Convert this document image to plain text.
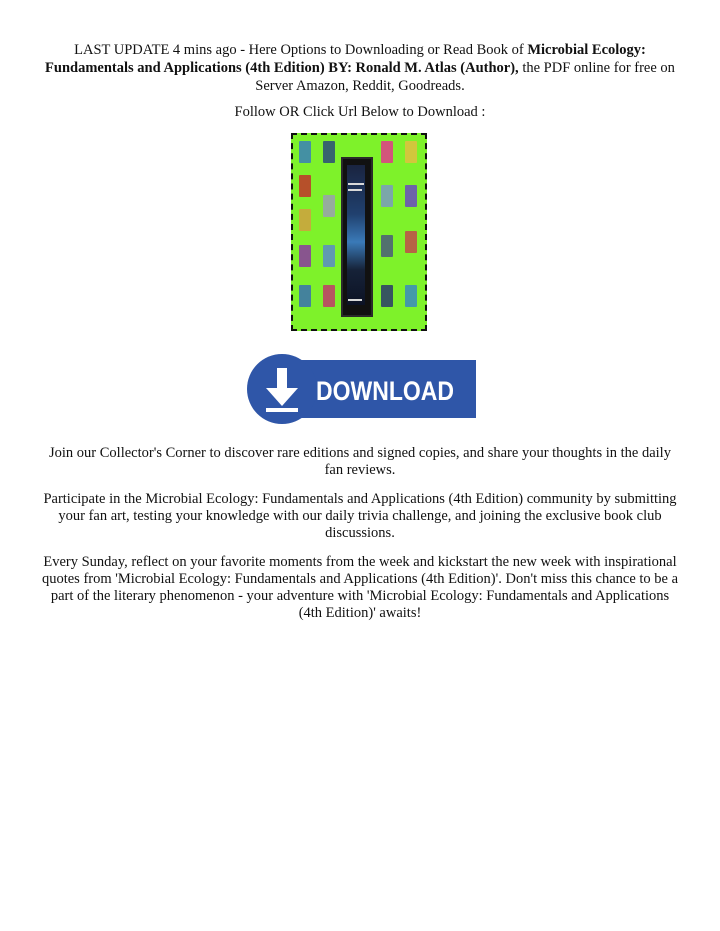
LAST UPDATE 4 mins ago - Here Options to Downloading or Read Book of Microbial Ecology: Fundamentals and Applications (4th Edition) BY: Ronald M. Atlas (Author), the PDF online for free on Server Amazon, Reddit, Goodreads.
Follow OR Click Url Below to Download :
DOWNLOAD
Join our Collector's Corner to discover rare editions and signed copies, and share your thoughts in the daily fan reviews.
Participate in the Microbial Ecology: Fundamentals and Applications (4th Edition) community by submitting your fan art, testing your knowledge with our daily trivia challenge, and joining the exclusive book club discussions.
Every Sunday, reflect on your favorite moments from the week and kickstart the new week with inspirational quotes from 'Microbial Ecology: Fundamentals and Applications (4th Edition)'. Don't miss this chance to be a part of the literary phenomenon - your adventure with 'Microbial Ecology: Fundamentals and Applications (4th Edition)' awaits!
